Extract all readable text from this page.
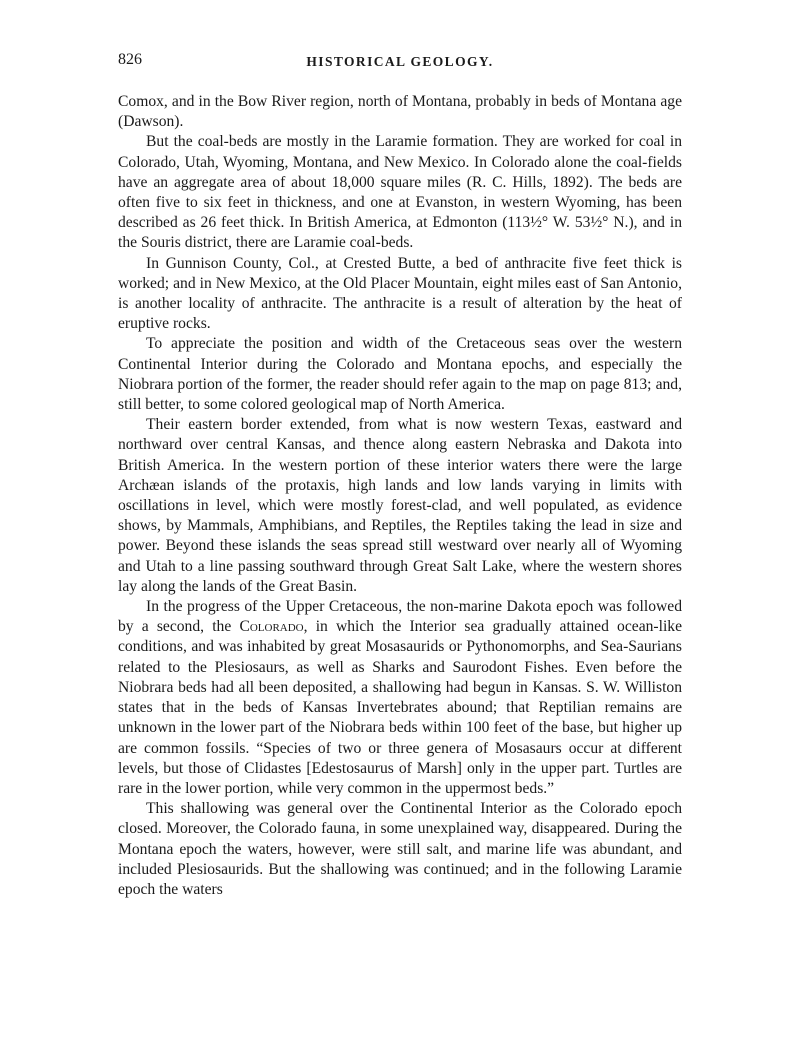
826	HISTORICAL GEOLOGY.

Comox, and in the Bow River region, north of Montana, probably in beds of Montana age (Dawson).

But the coal-beds are mostly in the Laramie formation. They are worked for coal in Colorado, Utah, Wyoming, Montana, and New Mexico. In Colorado alone the coal-fields have an aggregate area of about 18,000 square miles (R. C. Hills, 1892). The beds are often five to six feet in thickness, and one at Evanston, in western Wyoming, has been described as 26 feet thick. In British America, at Edmonton (113½° W. 53½° N.), and in the Souris district, there are Laramie coal-beds.

In Gunnison County, Col., at Crested Butte, a bed of anthracite five feet thick is worked; and in New Mexico, at the Old Placer Mountain, eight miles east of San Antonio, is another locality of anthracite. The anthracite is a result of alteration by the heat of eruptive rocks.

To appreciate the position and width of the Cretaceous seas over the western Continental Interior during the Colorado and Montana epochs, and especially the Niobrara portion of the former, the reader should refer again to the map on page 813; and, still better, to some colored geological map of North America.

Their eastern border extended, from what is now western Texas, eastward and northward over central Kansas, and thence along eastern Nebraska and Dakota into British America. In the western portion of these interior waters there were the large Archæan islands of the protaxis, high lands and low lands varying in limits with oscillations in level, which were mostly forest-clad, and well populated, as evidence shows, by Mammals, Amphibians, and Reptiles, the Reptiles taking the lead in size and power. Beyond these islands the seas spread still westward over nearly all of Wyoming and Utah to a line passing southward through Great Salt Lake, where the western shores lay along the lands of the Great Basin.

In the progress of the Upper Cretaceous, the non-marine Dakota epoch was followed by a second, the Colorado, in which the Interior sea gradually attained ocean-like conditions, and was inhabited by great Mosasaurids or Pythonomorphs, and Sea-Saurians related to the Plesiosaurs, as well as Sharks and Saurodont Fishes. Even before the Niobrara beds had all been deposited, a shallowing had begun in Kansas. S. W. Williston states that in the beds of Kansas Invertebrates abound; that Reptilian remains are unknown in the lower part of the Niobrara beds within 100 feet of the base, but higher up are common fossils. “Species of two or three genera of Mosasaurs occur at different levels, but those of Clidastes [Edestosaurus of Marsh] only in the upper part. Turtles are rare in the lower portion, while very common in the uppermost beds.”

This shallowing was general over the Continental Interior as the Colorado epoch closed. Moreover, the Colorado fauna, in some unexplained way, disappeared. During the Montana epoch the waters, however, were still salt, and marine life was abundant, and included Plesiosaurids. But the shallowing was continued; and in the following Laramie epoch the waters
